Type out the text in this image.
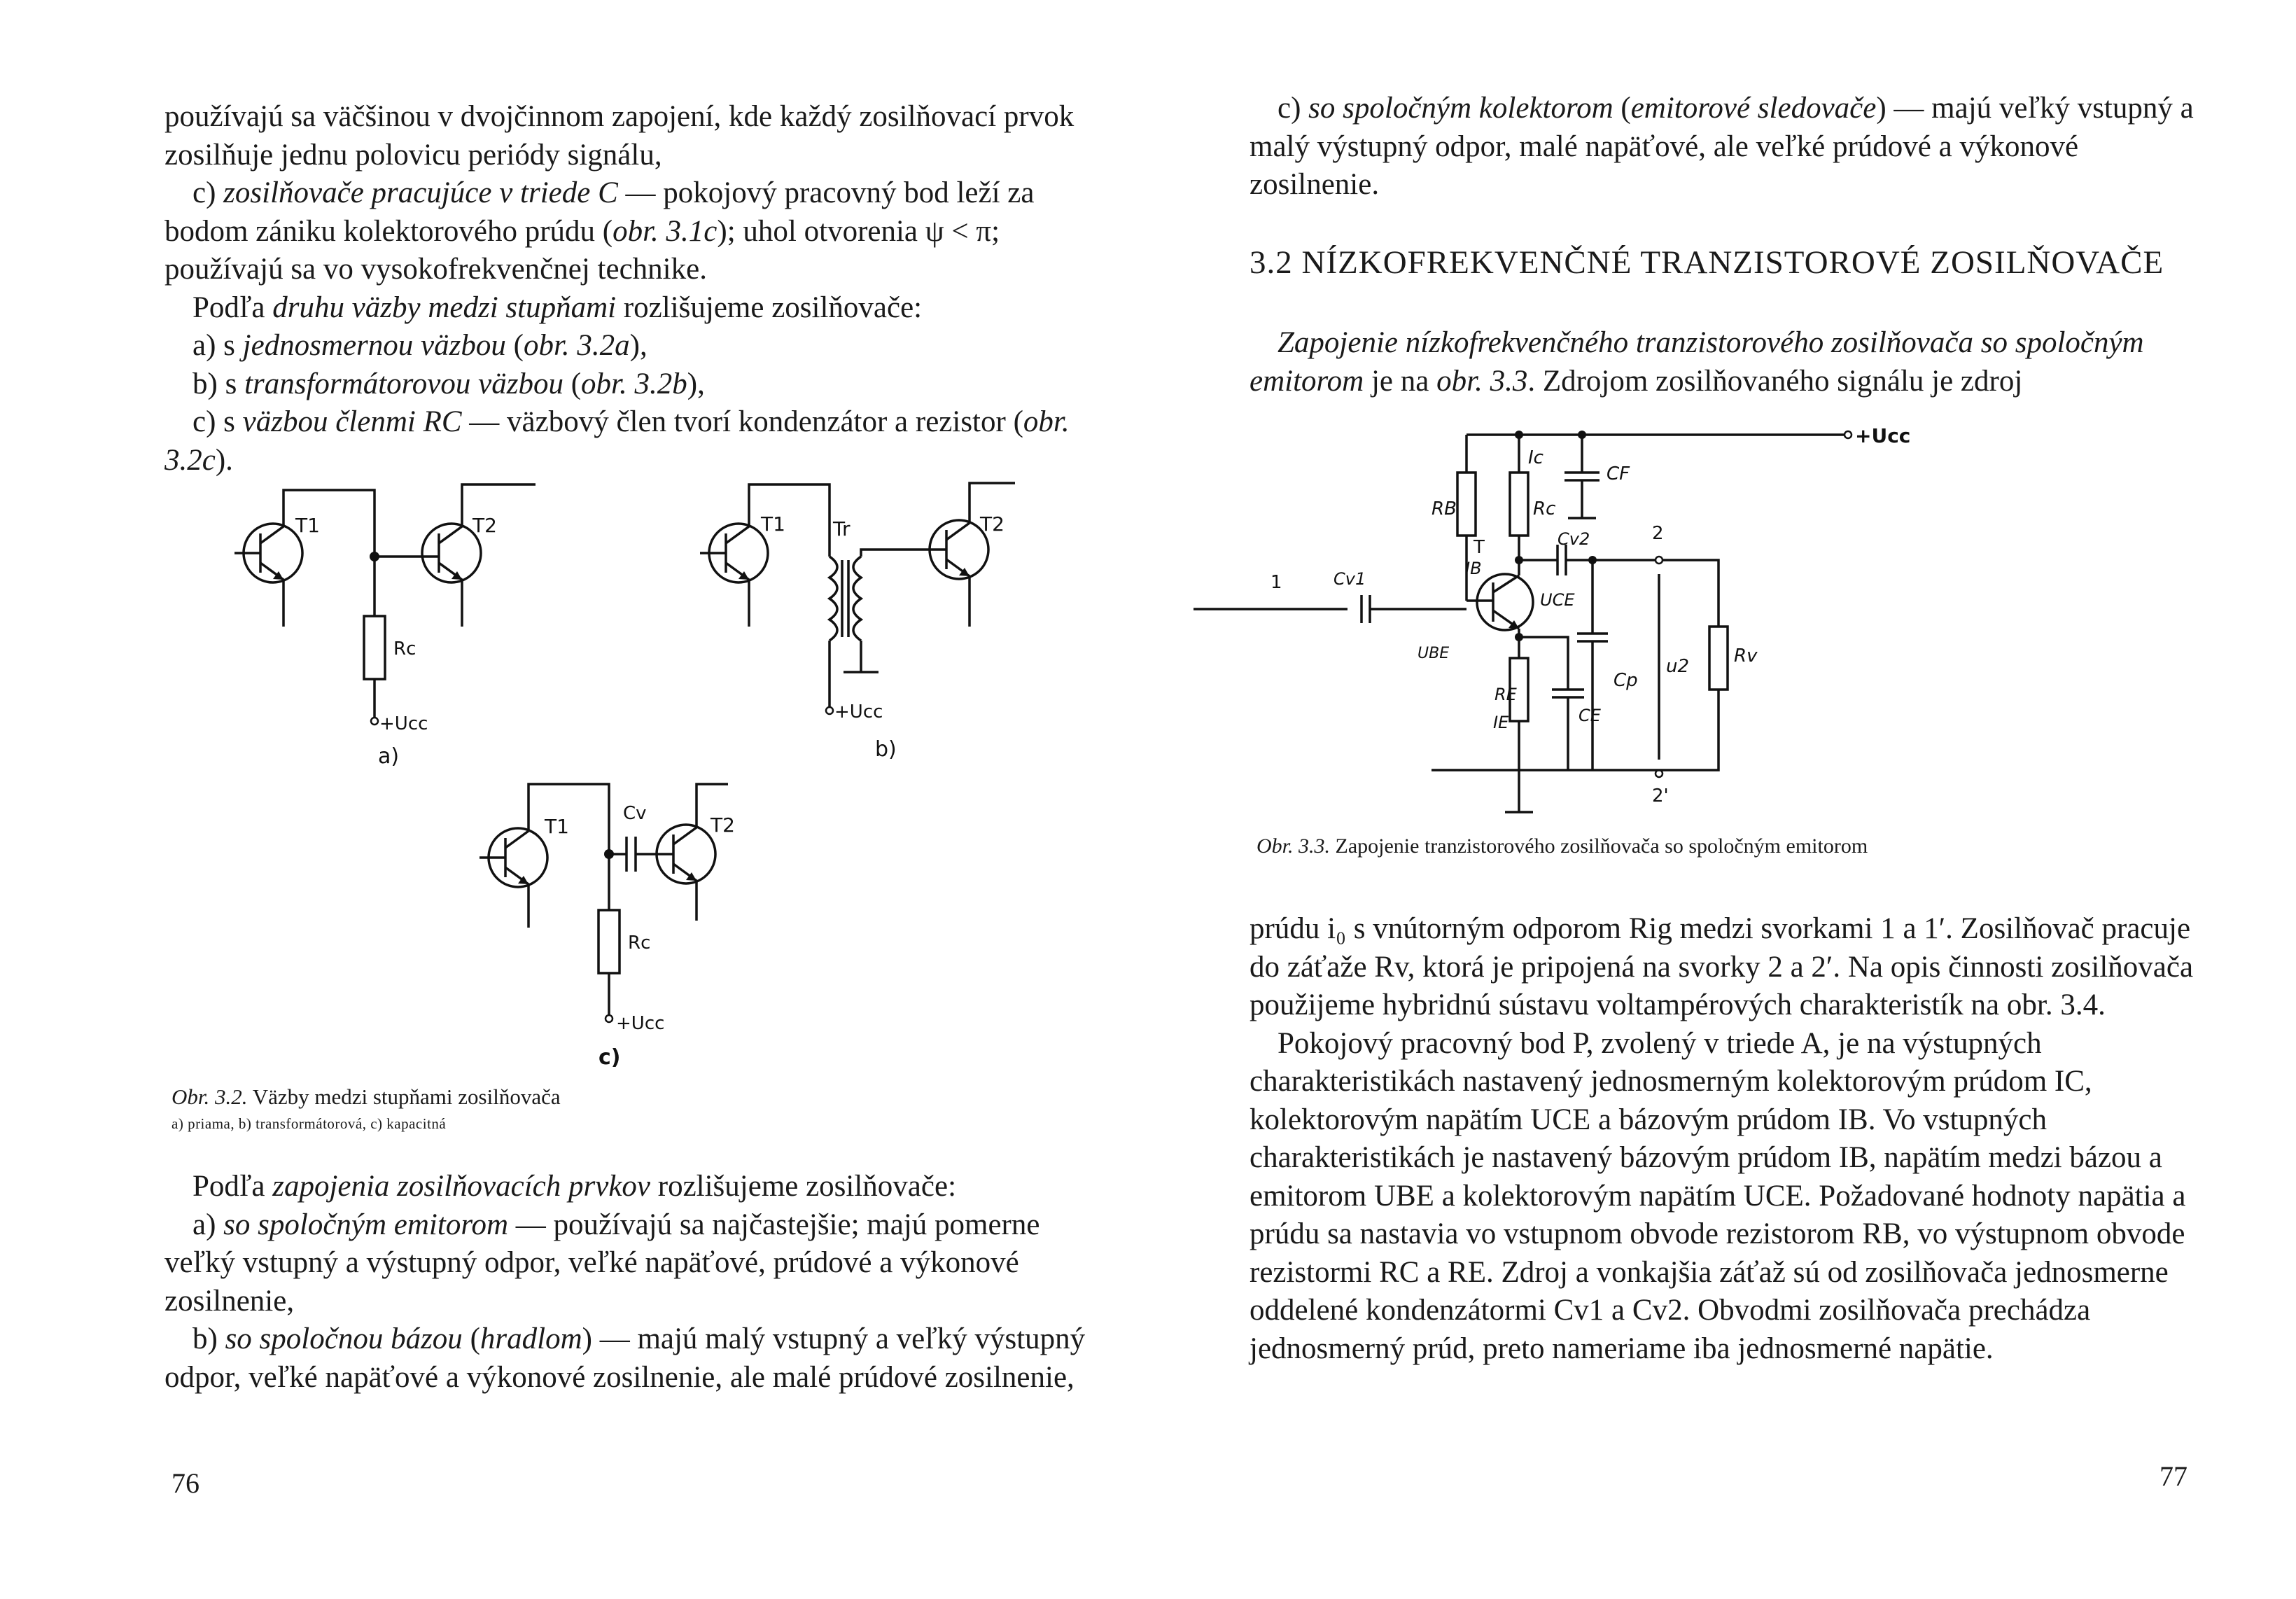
používajú sa väčšinou v dvojčinnom zapojení, kde každý zosilňovací prvok zosilňuje jednu polovicu periódy signálu,

c) zosilňovače pracujúce v triede C — pokojový pracovný bod leží za bodom zániku kolektorového prúdu (obr. 3.1c); uhol otvorenia ψ < π; používajú sa vo vysokofrekvenčnej technike.

Podľa druhu väzby medzi stupňami rozlišujeme zosilňovače:

a) s jednosmernou väzbou (obr. 3.2a),

b) s transformátorovou väzbou (obr. 3.2b),

c) s väzbou členmi RC — väzbový člen tvorí kondenzátor a rezistor (obr. 3.2c).

T1
Rc
+Ucc
T2
a)
T1 Tr
+Ucc
T2
b)
T1
Cv
Rc
+Ucc
T2
c)
Obr. 3.2. Väzby medzi stupňami zosilňovača
a) priama, b) transformátorová, c) kapacitná

Podľa zapojenia zosilňovacích prvkov rozlišujeme zosilňovače:

a) so spoločným emitorom — používajú sa najčastejšie; majú pomerne veľký vstupný a výstupný odpor, veľké napäťové, prúdové a výkonové zosilnenie,

b) so spoločnou bázou (hradlom) — majú malý vstupný a veľký výstupný odpor, veľké napäťové a výkonové zosilnenie, ale malé prúdové zosilnenie,

76

c) so spoločným kolektorom (emitorové sledovače) — majú veľký vstupný a malý výstupný odpor, malé napäťové, ale veľké prúdové a výkonové zosilnenie.

3.2 NÍZKOFREKVENČNÉ TRANZISTOROVÉ ZOSILŇOVAČE

Zapojenie nízkofrekvenčného tranzistorového zosilňovača so spoločným emitorom je na obr. 3.3. Zdrojom zosilňovaného signálu je zdroj

+Ucc
RB	Rc
Ic
CF
Cv2	2
Rv
Cp
u2
2'
T
IB
UCE
UBE
Cv1
1
RE
IE	CE
Obr. 3.3. Zapojenie tranzistorového zosilňovača so spoločným emitorom

prúdu i₀ s vnútorným odporom Rig medzi svorkami 1 a 1′. Zosilňovač pracuje do záťaže Rv, ktorá je pripojená na svorky 2 a 2′. Na opis činnosti zosilňovača použijeme hybridnú sústavu voltampérových charakteristík na obr. 3.4.

Pokojový pracovný bod P, zvolený v triede A, je na výstupných charakteristikách nastavený jednosmerným kolektorovým prúdom IC, kolektorovým napätím UCE a bázovým prúdom IB. Vo vstupných charakteristikách je nastavený bázovým prúdom IB, napätím medzi bázou a emitorom UBE a kolektorovým napätím UCE. Požadované hodnoty napätia a prúdu sa nastavia vo vstupnom obvode rezistorom RB, vo výstupnom obvode rezistormi RC a RE. Zdroj a vonkajšia záťaž sú od zosilňovača jednosmerne oddelené kondenzátormi Cv1 a Cv2. Obvodmi zosilňovača prechádza jednosmerný prúd, preto nameriame iba jednosmerné napätie.

77
